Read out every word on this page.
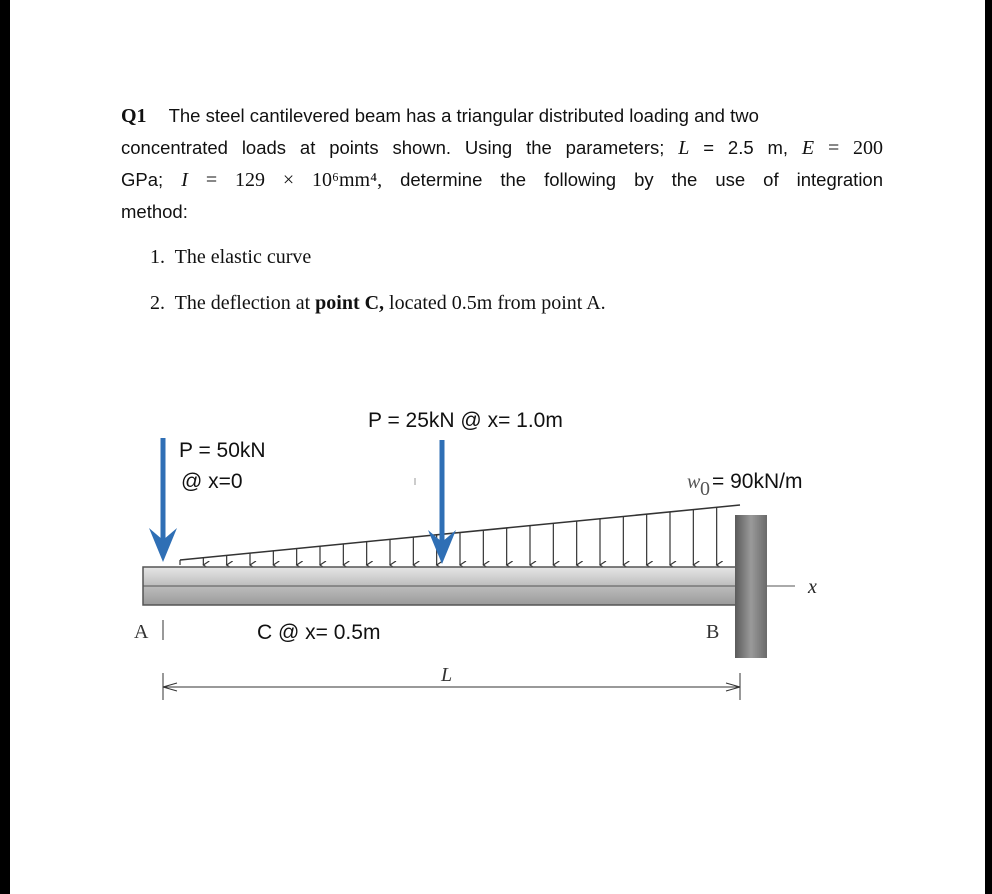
Q1 The steel cantilevered beam has a triangular distributed loading and two
concentrated loads at points shown. Using the parameters; L = 2.5 m, E = 200
GPa; I = 129 × 10⁶mm⁴, determine the following by the use of integration
method:
1. The elastic curve
2. The deflection at point C, located 0.5m from point A.
x
P = 50kN
@ x=0
P = 25kN @ x= 1.0m
w 0 = 90kN/m
A	B
C @ x= 0.5m
L
